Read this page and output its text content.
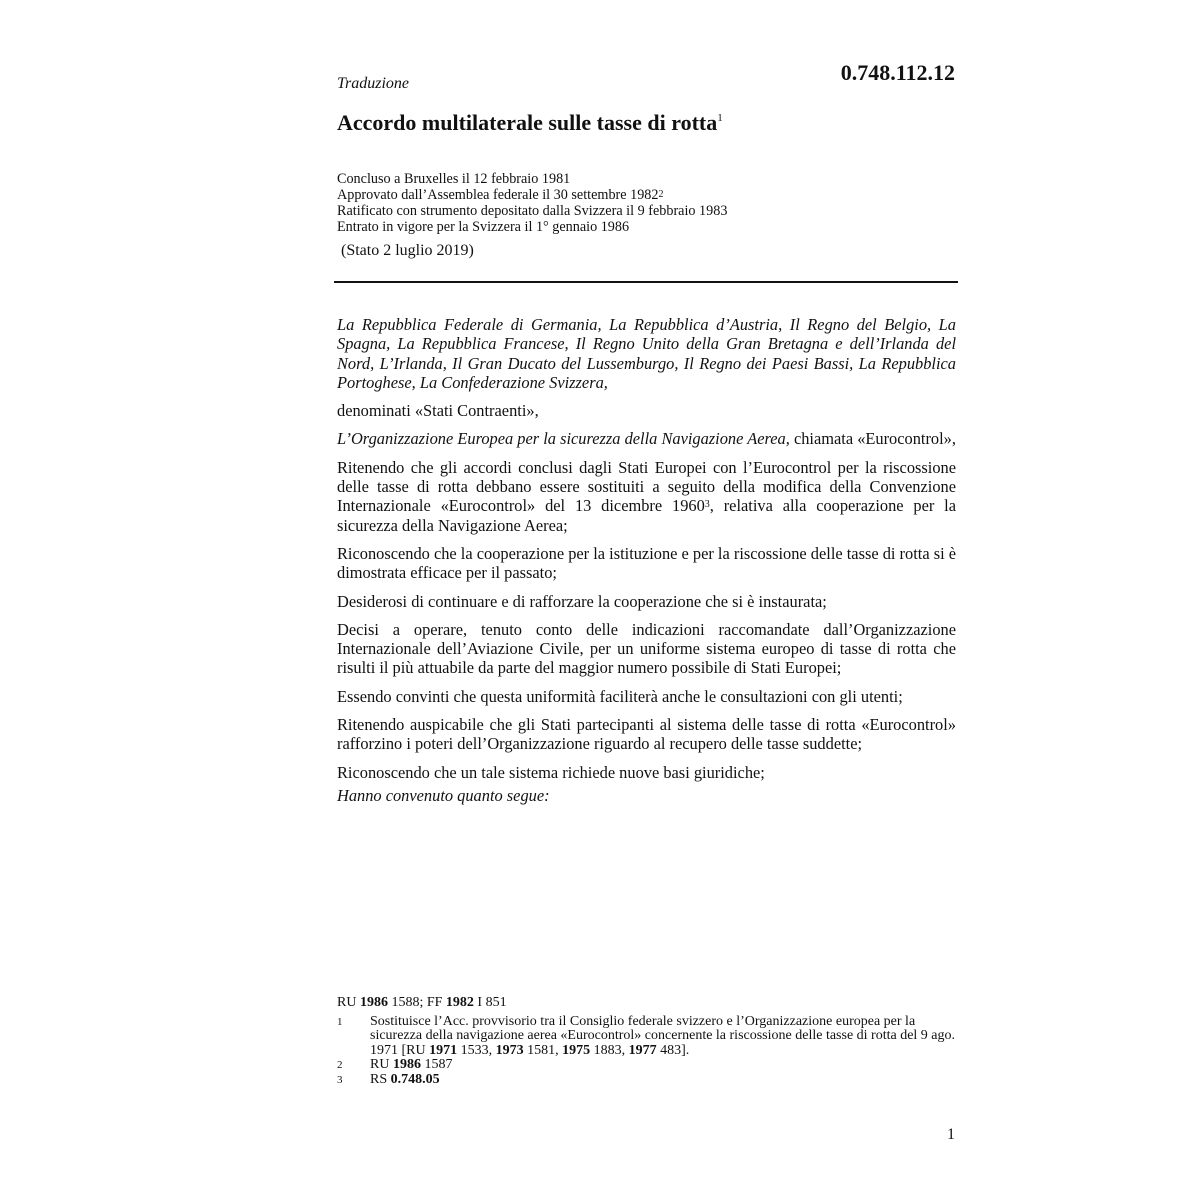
Traduzione	0.748.112.12
Accordo multilaterale sulle tasse di rotta$^1$
Concluso a Bruxelles il 12 febbraio 1981
Approvato dall’Assemblea federale il 30 settembre 1982$^2$
Ratificato con strumento depositato dalla Svizzera il 9 febbraio 1983
Entrato in vigore per la Svizzera il 1° gennaio 1986
(Stato 2 luglio 2019)

La Repubblica Federale di Germania, La Repubblica d’Austria, Il Regno del Belgio, La Spagna, La Repubblica Francese, Il Regno Unito della Gran Bretagna e dell’Irlanda del Nord, L’Irlanda, Il Gran Ducato del Lussemburgo, Il Regno dei Paesi Bassi, La Repubblica Portoghese, La Confederazione Svizzera,

denominati «Stati Contraenti»,

L’Organizzazione Europea per la sicurezza della Navigazione Aerea, chiamata «Eurocontrol»,

Ritenendo che gli accordi conclusi dagli Stati Europei con l’Eurocontrol per la riscossione delle tasse di rotta debbano essere sostituiti a seguito della modifica della Convenzione Internazionale «Eurocontrol» del 13 dicembre 1960$^3$, relativa alla cooperazione per la sicurezza della Navigazione Aerea;

Riconoscendo che la cooperazione per la istituzione e per la riscossione delle tasse di rotta si è dimostrata efficace per il passato;

Desiderosi di continuare e di rafforzare la cooperazione che si è instaurata;

Decisi a operare, tenuto conto delle indicazioni raccomandate dall’Organizzazione Internazionale dell’Aviazione Civile, per un uniforme sistema europeo di tasse di rotta che risulti il più attuabile da parte del maggior numero possibile di Stati Europei;

Essendo convinti che questa uniformità faciliterà anche le consultazioni con gli utenti;

Ritenendo auspicabile che gli Stati partecipanti al sistema delle tasse di rotta «Eurocontrol» rafforzino i poteri dell’Organizzazione riguardo al recupero delle tasse suddette;

Riconoscendo che un tale sistema richiede nuove basi giuridiche;

Hanno convenuto quanto segue:

RU 1986 1588; FF 1982 I 851
1	Sostituisce l’Acc. provvisorio tra il Consiglio federale svizzero e l’Organizzazione europea per la sicurezza della navigazione aerea «Eurocontrol» concernente la riscossione delle tasse di rotta del 9 ago. 1971 [RU 1971 1533, 1973 1581, 1975 1883, 1977 483].
2	RU 1986 1587
3	RS 0.748.05
1
